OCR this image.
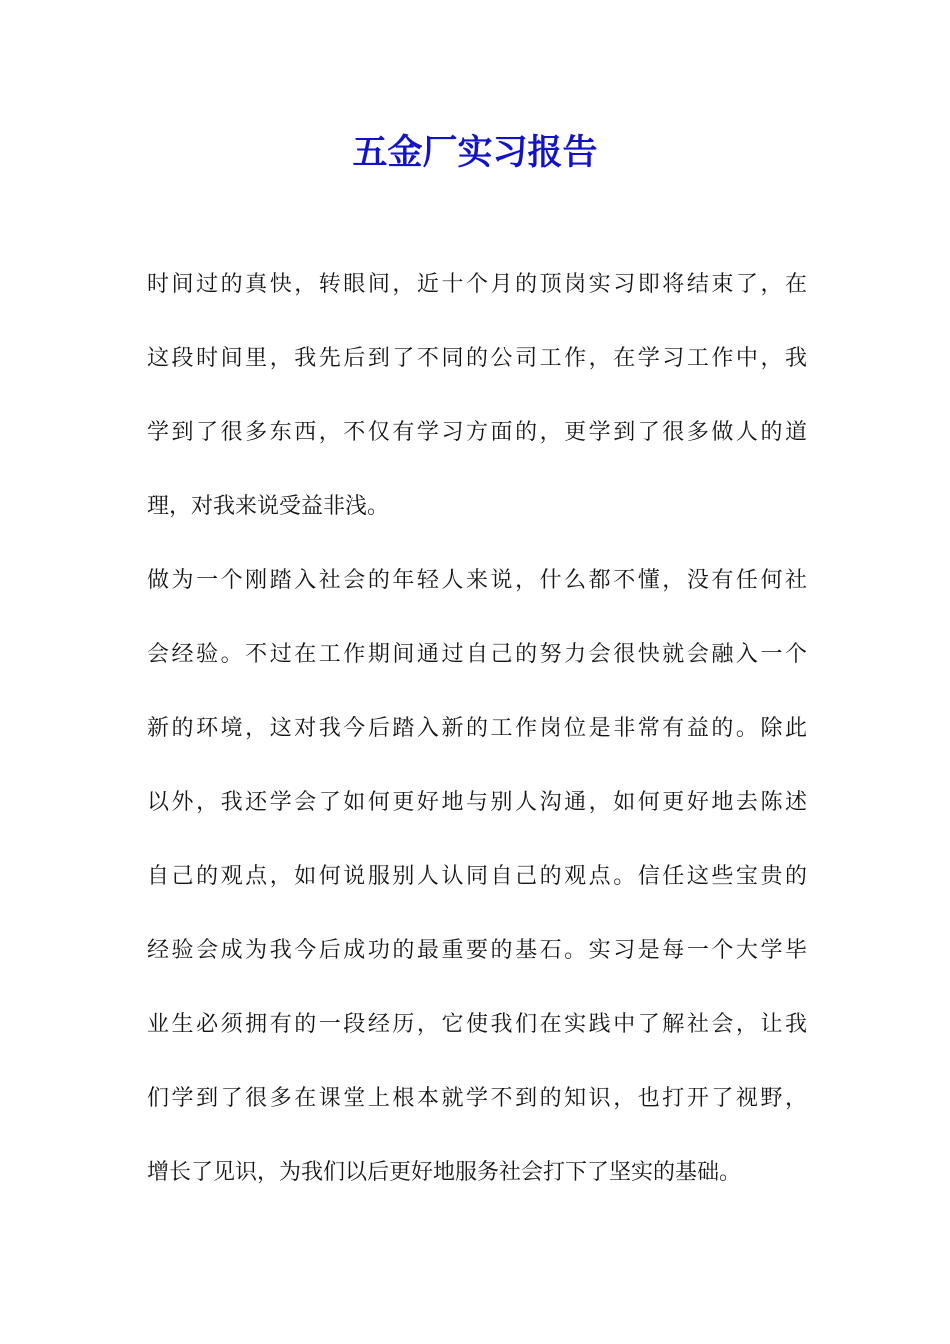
五金厂实习报告
时间过的真快，转眼间，近十个月的顶岗实习即将结束了，在
这段时间里，我先后到了不同的公司工作，在学习工作中，我
学到了很多东西，不仅有学习方面的，更学到了很多做人的道
理，对我来说受益非浅。
做为一个刚踏入社会的年轻人来说，什么都不懂，没有任何社
会经验。不过在工作期间通过自己的努力会很快就会融入一个
新的环境，这对我今后踏入新的工作岗位是非常有益的。除此
以外，我还学会了如何更好地与别人沟通，如何更好地去陈述
自己的观点，如何说服别人认同自己的观点。信任这些宝贵的
经验会成为我今后成功的最重要的基石。实习是每一个大学毕
业生必须拥有的一段经历，它使我们在实践中了解社会，让我
们学到了很多在课堂上根本就学不到的知识，也打开了视野，
增长了见识，为我们以后更好地服务社会打下了坚实的基础。
